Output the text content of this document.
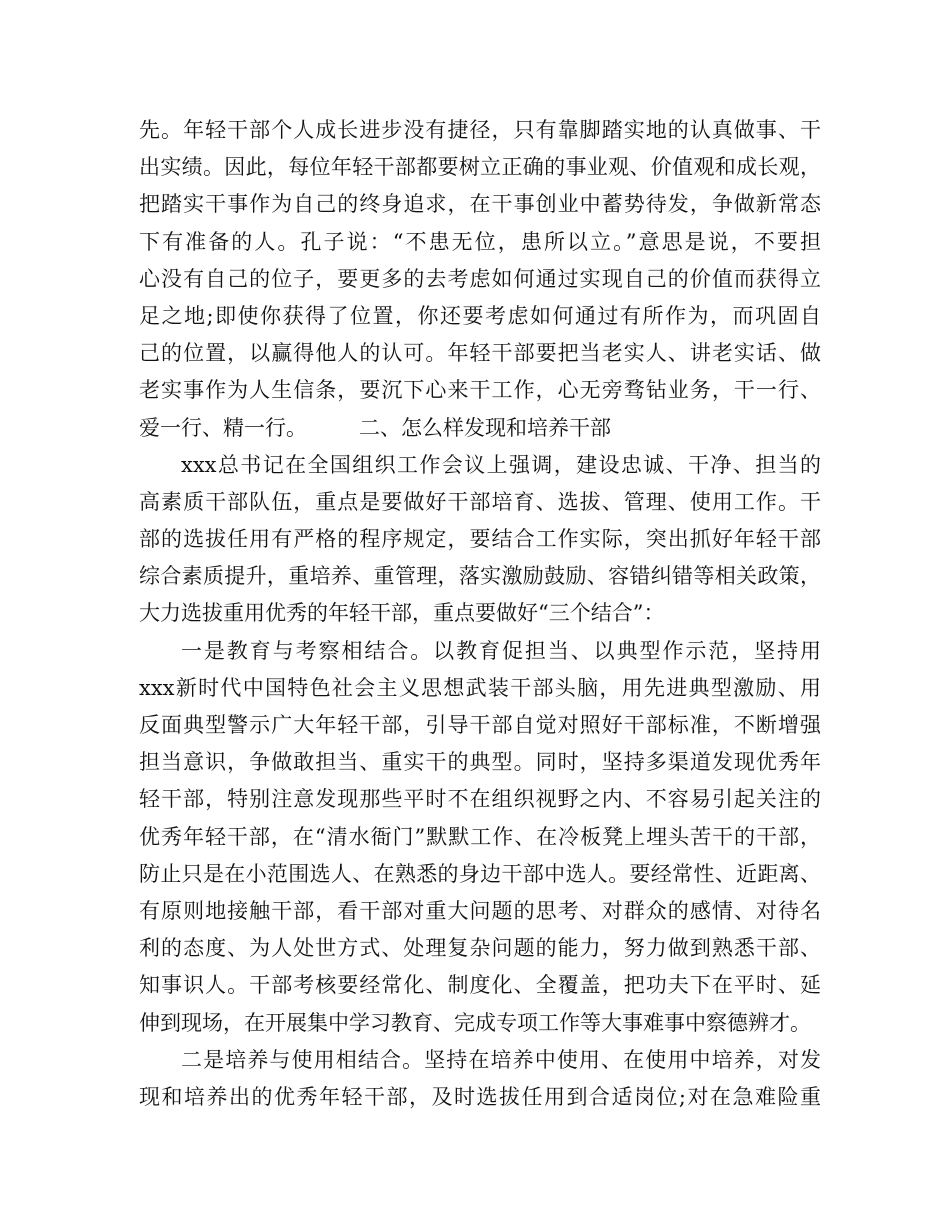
先。年轻干部个人成长进步没有捷径，只有靠脚踏实地的认真做事、干
出实绩。因此，每位年轻干部都要树立正确的事业观、价值观和成长观，
把踏实干事作为自己的终身追求，在干事创业中蓄势待发，争做新常态
下有准备的人。孔子说：“不患无位，患所以立。”意思是说，不要担
心没有自己的位子，要更多的去考虑如何通过实现自己的价值而获得立
足之地;即使你获得了位置，你还要考虑如何通过有所作为，而巩固自
己的位置，以赢得他人的认可。年轻干部要把当老实人、讲老实话、做
老实事作为人生信条，要沉下心来干工作，心无旁骛钻业务，干一行、
爱一行、精一行。 二、怎么样发现和培养干部

xxx总书记在全国组织工作会议上强调，建设忠诚、干净、担当的
高素质干部队伍，重点是要做好干部培育、选拔、管理、使用工作。干
部的选拔任用有严格的程序规定，要结合工作实际，突出抓好年轻干部
综合素质提升，重培养、重管理，落实激励鼓励、容错纠错等相关政策，
大力选拔重用优秀的年轻干部，重点要做好“三个结合”：

一是教育与考察相结合。以教育促担当、以典型作示范，坚持用
xxx新时代中国特色社会主义思想武装干部头脑，用先进典型激励、用
反面典型警示广大年轻干部，引导干部自觉对照好干部标准，不断增强
担当意识，争做敢担当、重实干的典型。同时，坚持多渠道发现优秀年
轻干部，特别注意发现那些平时不在组织视野之内、不容易引起关注的
优秀年轻干部，在“清水衙门”默默工作、在冷板凳上埋头苦干的干部，
防止只是在小范围选人、在熟悉的身边干部中选人。要经常性、近距离、
有原则地接触干部，看干部对重大问题的思考、对群众的感情、对待名
利的态度、为人处世方式、处理复杂问题的能力，努力做到熟悉干部、
知事识人。干部考核要经常化、制度化、全覆盖，把功夫下在平时、延
伸到现场，在开展集中学习教育、完成专项工作等大事难事中察德辨才。

二是培养与使用相结合。坚持在培养中使用、在使用中培养，对发
现和培养出的优秀年轻干部，及时选拔任用到合适岗位;对在急难险重
